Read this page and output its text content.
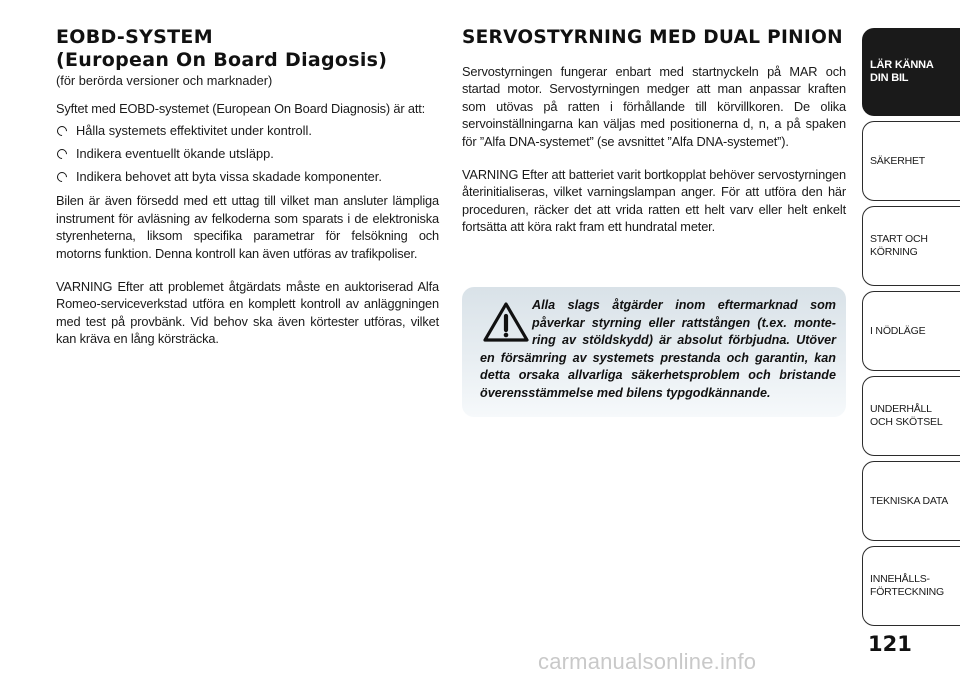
EOBD-SYSTEM
(European On Board Diagosis)

(för berörda versioner och marknader)

Syftet med EOBD-systemet (European On Board Diagnosis) är att:

Hålla systemets effektivitet under kontroll.
Indikera eventuellt ökande utsläpp.
Indikera behovet att byta vissa skadade komponenter.

Bilen är även försedd med ett uttag till vilket man ansluter lämpliga instrument för avläsning av felkoderna som sparats i de elektroniska styrenheterna, liksom specifika parametrar för felsökning och motorns funktion. Denna kontroll kan även utföras av trafikpoliser.

VARNING Efter att problemet åtgärdats måste en auktoriserad Alfa Romeo-serviceverkstad utföra en komplett kontroll av anläggningen med test på provbänk. Vid behov ska även körtester utföras, vilket kan kräva en lång körsträcka.

SERVOSTYRNING MED DUAL PINION

Servostyrningen fungerar enbart med startnyckeln på MAR och startad motor. Servostyrningen medger att man anpassar kraften som utövas på ratten i förhållande till körvillkoren. De olika servoinställningarna kan väljas med positionerna d, n, a på spaken för ”Alfa DNA-systemet” (se avsnittet ”Alfa DNA-systemet”).

VARNING Efter att batteriet varit bortkopplat behöver servostyrningen återinitialiseras, vilket varningslampan anger. För att utföra den här proceduren, räcker det att vrida ratten ett helt varv eller helt enkelt fortsätta att köra rakt fram ett hundratal meter.

Alla slags åtgärder inom eftermarknad som påverkar styrning eller rattstången (t.ex. montering av stöldskydd) är absolut förbjudna. Utöver en försämring av systemets prestanda och garantin, kan detta orsaka allvarliga säkerhetsproblem och bristande överensstämmelse med bilens typgodkännande.

LÄR KÄNNA
DIN BIL
SÄKERHET
START OCH
KÖRNING
I NÖDLÄGE
UNDERHÅLL
OCH SKÖTSEL
TEKNISKA DATA
INNEHÅLLS-
FÖRTECKNING
121
carmanualsonline.info
